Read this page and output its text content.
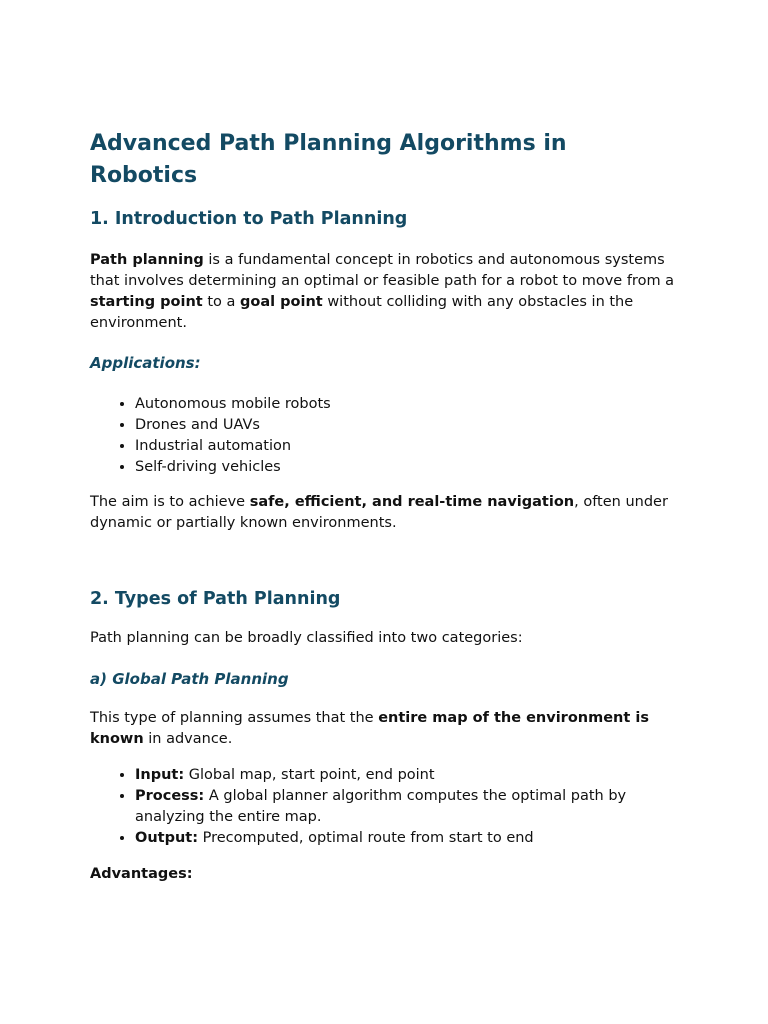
Advanced Path Planning Algorithms in Robotics
1. Introduction to Path Planning

Path planning is a fundamental concept in robotics and autonomous systems that involves determining an optimal or feasible path for a robot to move from a starting point to a goal point without colliding with any obstacles in the environment.

Applications:
• Autonomous mobile robots
• Drones and UAVs
• Industrial automation
• Self-driving vehicles

The aim is to achieve safe, efficient, and real-time navigation, often under dynamic or partially known environments.

2. Types of Path Planning

Path planning can be broadly classified into two categories:

a) Global Path Planning

This type of planning assumes that the entire map of the environment is known in advance.

• Input: Global map, start point, end point
• Process: A global planner algorithm computes the optimal path by analyzing the entire map.
• Output: Precomputed, optimal route from start to end

Advantages:
